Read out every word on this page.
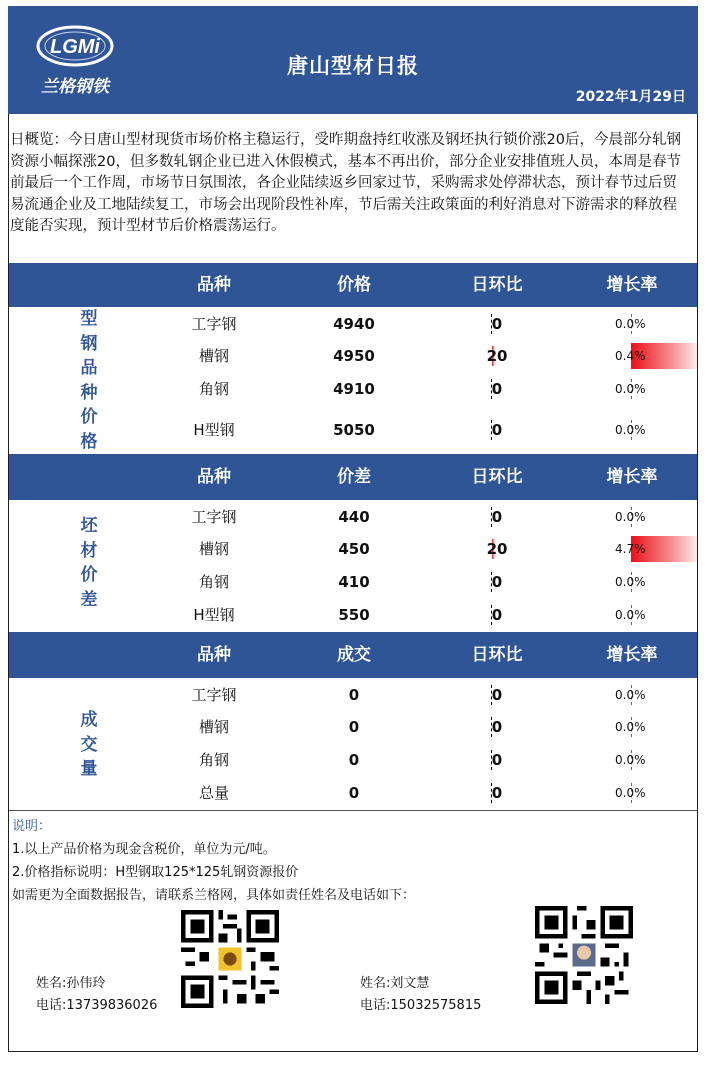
LGMi
兰格钢铁
唐山型材日报
2022年1月29日
日概览：今日唐山型材现货市场价格主稳运行，受昨期盘持红收涨及钢坯执行锁价涨20后，今晨部分轧钢资源小幅探涨20，但多数轧钢企业已进入休假模式，基本不再出价，部分企业安排值班人员，本周是春节前最后一个工作周，市场节日氛围浓，各企业陆续返乡回家过节，采购需求处停滞状态，预计春节过后贸易流通企业及工地陆续复工，市场会出现阶段性补库，节后需关注政策面的利好消息对下游需求的释放程度能否实现，预计型材节后价格震荡运行。
品种	价格	日环比	增长率
型
钢
品
种
价
格
工字钢	4940	0	0.0%
槽钢	4950	20	0.4%
角钢	4910	0	0.0%
H型钢	5050	0	0.0%
品种	价差	日环比	增长率
坯
材
价
差
工字钢	440	0	0.0%
槽钢	450	20	4.7%
角钢	410	0	0.0%
H型钢	550	0	0.0%
品种	成交	日环比	增长率
成
交
量
工字钢	0	0	0.0%
槽钢	0	0	0.0%
角钢	0	0	0.0%
总量	0	0	0.0%
说明：
1.以上产品价格为现金含税价，单位为元/吨。
2.价格指标说明：H型钢取125*125轧钢资源报价
如需更为全面数据报告，请联系兰格网，具体如责任姓名及电话如下：
姓名:孙伟玲
电话:13739836026
姓名:刘文慧
电话:15032575815
